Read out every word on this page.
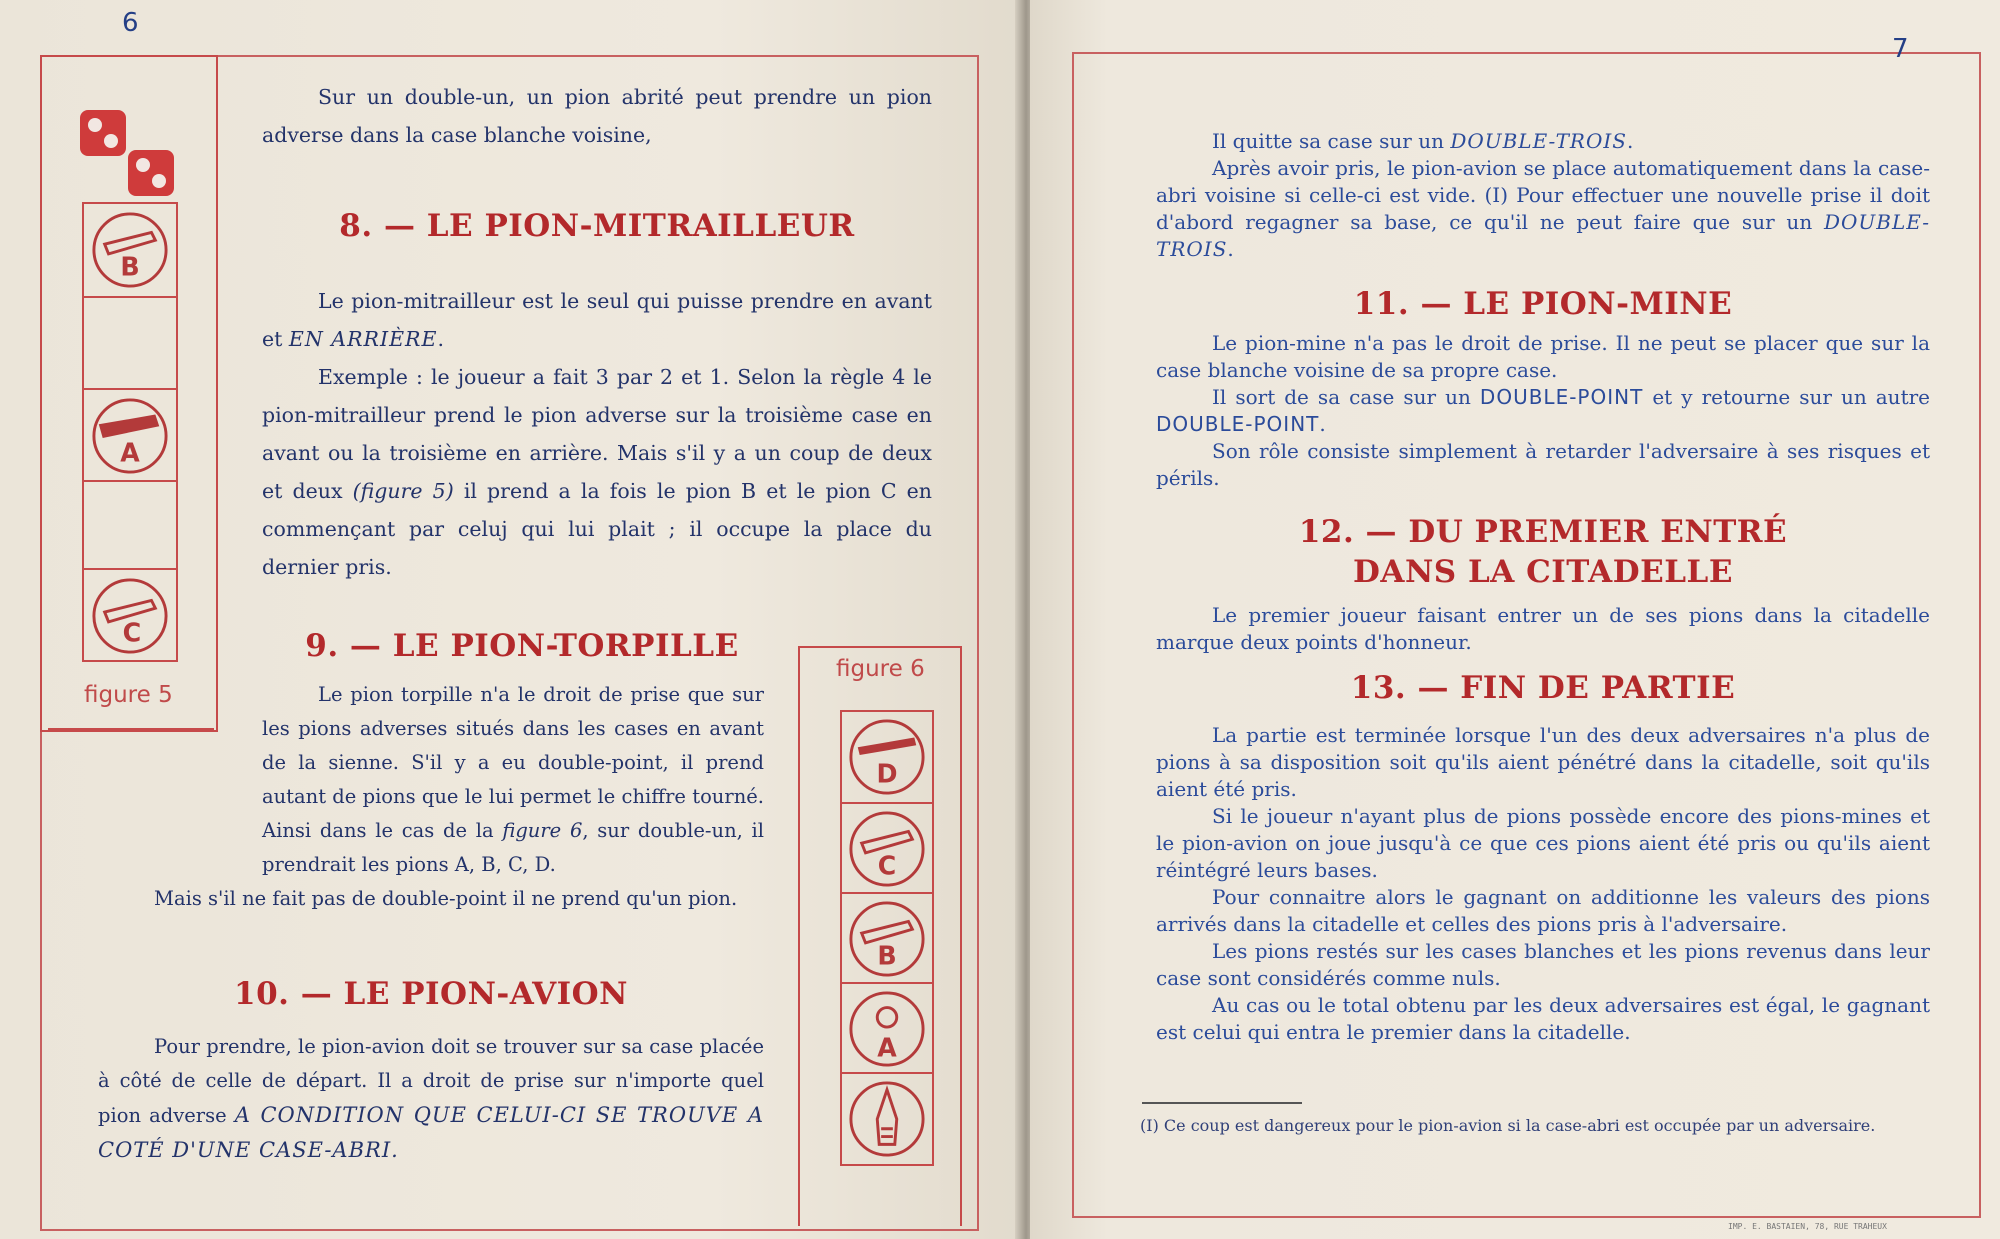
6
B
A
C
figure 5
figure 6
D
C
B
A

Sur un double-un, un pion abrité peut prendre un pion adverse dans la case blanche voisine,

8. — LE PION-MITRAILLEUR

Le pion-mitrailleur est le seul qui puisse prendre en avant et EN ARRIÈRE.

Exemple : le joueur a fait 3 par 2 et 1. Selon la règle 4 le pion-mitrailleur prend le pion adverse sur la troisième case en avant ou la troisième en arrière. Mais s'il y a un coup de deux et deux (figure 5) il prend a la fois le pion B et le pion C en commençant par celuj qui lui plait ; il occupe la place du dernier pris.

9. — LE PION-TORPILLE

Le pion torpille n'a le droit de prise que sur les pions adverses situés dans les cases en avant de la sienne. S'il y a eu double-point, il prend autant de pions que le lui permet le chiffre tourné. Ainsi dans le cas de la figure 6, sur double-un, il prendrait les pions A, B, C, D.

Mais s'il ne fait pas de double-point il ne prend qu'un pion.

10. — LE PION-AVION

Pour prendre, le pion-avion doit se trouver sur sa case placée à côté de celle de départ. Il a droit de prise sur n'importe quel pion adverse A CONDITION QUE CELUI-CI SE TROUVE A COTÉ D'UNE CASE-ABRI.

7

Il quitte sa case sur un DOUBLE-TROIS.

Après avoir pris, le pion-avion se place automatiquement dans la case-abri voisine si celle-ci est vide. (I) Pour effectuer une nouvelle prise il doit d'abord regagner sa base, ce qu'il ne peut faire que sur un DOUBLE-TROIS.

11. — LE PION-MINE

Le pion-mine n'a pas le droit de prise. Il ne peut se placer que sur la case blanche voisine de sa propre case.

Il sort de sa case sur un DOUBLE-POINT et y retourne sur un autre DOUBLE-POINT.

Son rôle consiste simplement à retarder l'adversaire à ses risques et périls.

12. — DU PREMIER ENTRÉ
DANS LA CITADELLE

Le premier joueur faisant entrer un de ses pions dans la citadelle marque deux points d'honneur.

13. — FIN DE PARTIE

La partie est terminée lorsque l'un des deux adversaires n'a plus de pions à sa disposition soit qu'ils aient pénétré dans la citadelle, soit qu'ils aient été pris.

Si le joueur n'ayant plus de pions possède encore des pions-mines et le pion-avion on joue jusqu'à ce que ces pions aient été pris ou qu'ils aient réintégré leurs bases.

Pour connaitre alors le gagnant on additionne les valeurs des pions arrivés dans la citadelle et celles des pions pris à l'adversaire.

Les pions restés sur les cases blanches et les pions revenus dans leur case sont considérés comme nuls.

Au cas ou le total obtenu par les deux adversaires est égal, le gagnant est celui qui entra le premier dans la citadelle.

(I) Ce coup est dangereux pour le pion-avion si la case-abri est occupée par un adversaire.
IMP. E. BASTAIEN, 78, RUE TRAHEUX
